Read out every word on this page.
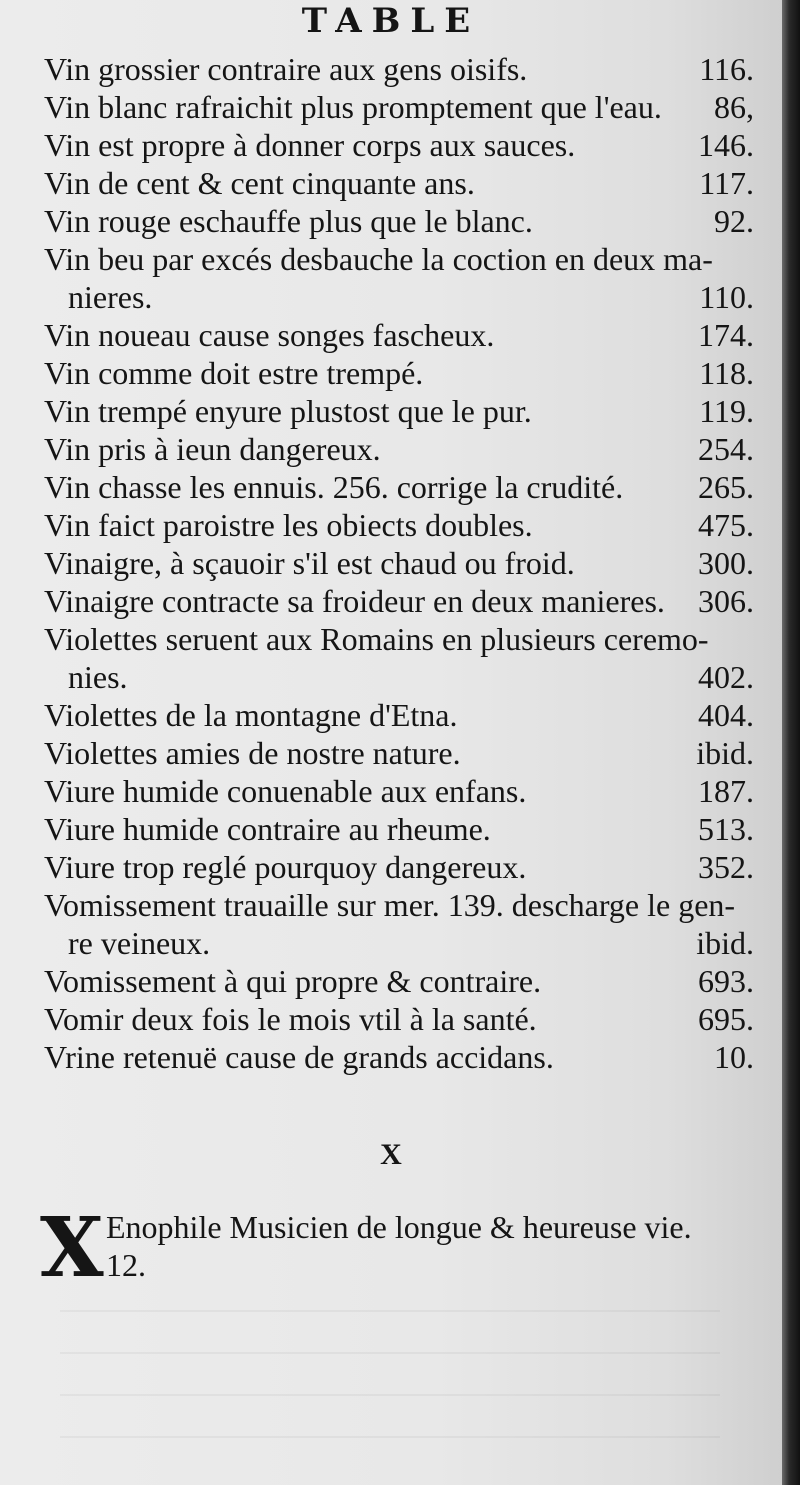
TABLE
Vin grossier contraire aux gens oisifs.	116.
Vin blanc rafraichit plus promptement que l'eau. 86,
Vin est propre à donner corps aux sauces.	146.
Vin de cent & cent cinquante ans.	117.
Vin rouge eschauffe plus que le blanc.	92.
Vin beu par excés desbauche la coction en deux ma-
nieres.	110.
Vin noueau cause songes fascheux.	174.
Vin comme doit estre trempé.	118.
Vin trempé enyure plustost que le pur.	119.
Vin pris à ieun dangereux.	254.
Vin chasse les ennuis. 256. corrige la crudité. 265.
Vin faict paroistre les obiects doubles.	475.
Vinaigre, à sçauoir s'il est chaud ou froid.	300.
Vinaigre contracte sa froideur en deux manieres. 306.
Violettes seruent aux Romains en plusieurs ceremo-
nies.	402.
Violettes de la montagne d'Etna.	404.
Violettes amies de nostre nature.	ibid.
Viure humide conuenable aux enfans.	187.
Viure humide contraire au rheume.	513.
Viure trop reglé pourquoy dangereux.	352.
Vomissement trauaille sur mer. 139. descharge le gen-
re veineux.	ibid.
Vomissement à qui propre & contraire.	693.
Vomir deux fois le mois vtil à la santé.	695.
Vrine retenuë cause de grands accidans.	10.
X
X Enophile Musicien de longue & heureuse vie.
12.
